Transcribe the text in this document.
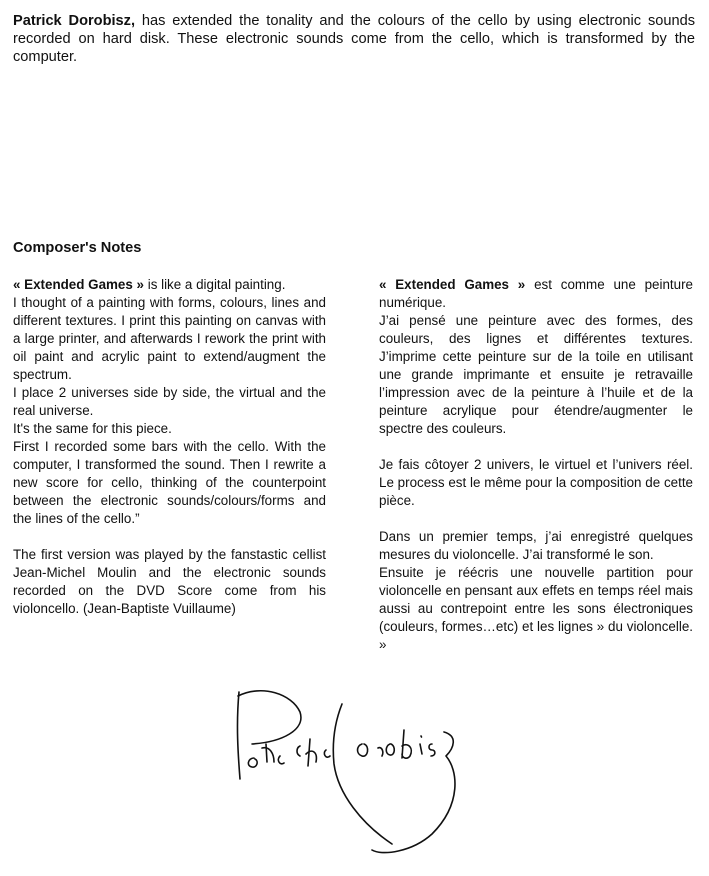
Patrick Dorobisz, has extended the tonality and the colours of the cello by using electronic sounds recorded on hard disk. These electronic sounds come from the cello, which is transformed by the computer.
Composer's Notes

« Extended Games » is like a digital painting.

I thought of a painting with forms, colours, lines and different textures. I print this painting on canvas with a large printer, and afterwards I rework the print with oil paint and acrylic paint to extend/augment the spectrum.

I place 2 universes side by side, the virtual and the real universe.

It's the same for this piece.

First I recorded some bars with the cello. With the computer, I transformed the sound. Then I rewrite a new score for cello, thinking of the counterpoint between the electronic sounds/colours/forms and the lines of the cello.”

The first version was played by the fanstastic cellist Jean-Michel Moulin and the electronic sounds recorded on the DVD Score come from his violoncello. (Jean-Baptiste Vuillaume)

« Extended Games » est comme une peinture numérique.

J’ai pensé une peinture avec des formes, des couleurs, des lignes et différentes textures. J’imprime cette peinture sur de la toile en utilisant une grande imprimante et ensuite je retravaille l’impression avec de la peinture à l’huile et de la peinture acrylique pour étendre/augmenter le spectre des couleurs.

Je fais côtoyer 2 univers, le virtuel et l’univers réel. Le process est le même pour la composition de cette pièce.

Dans un premier temps, j’ai enregistré quelques mesures du violoncelle. J’ai transformé le son.

Ensuite je réécris une nouvelle partition pour violoncelle en pensant aux effets en temps réel mais aussi au contrepoint entre les sons électroniques (couleurs, formes…etc) et les lignes » du violoncelle. »
